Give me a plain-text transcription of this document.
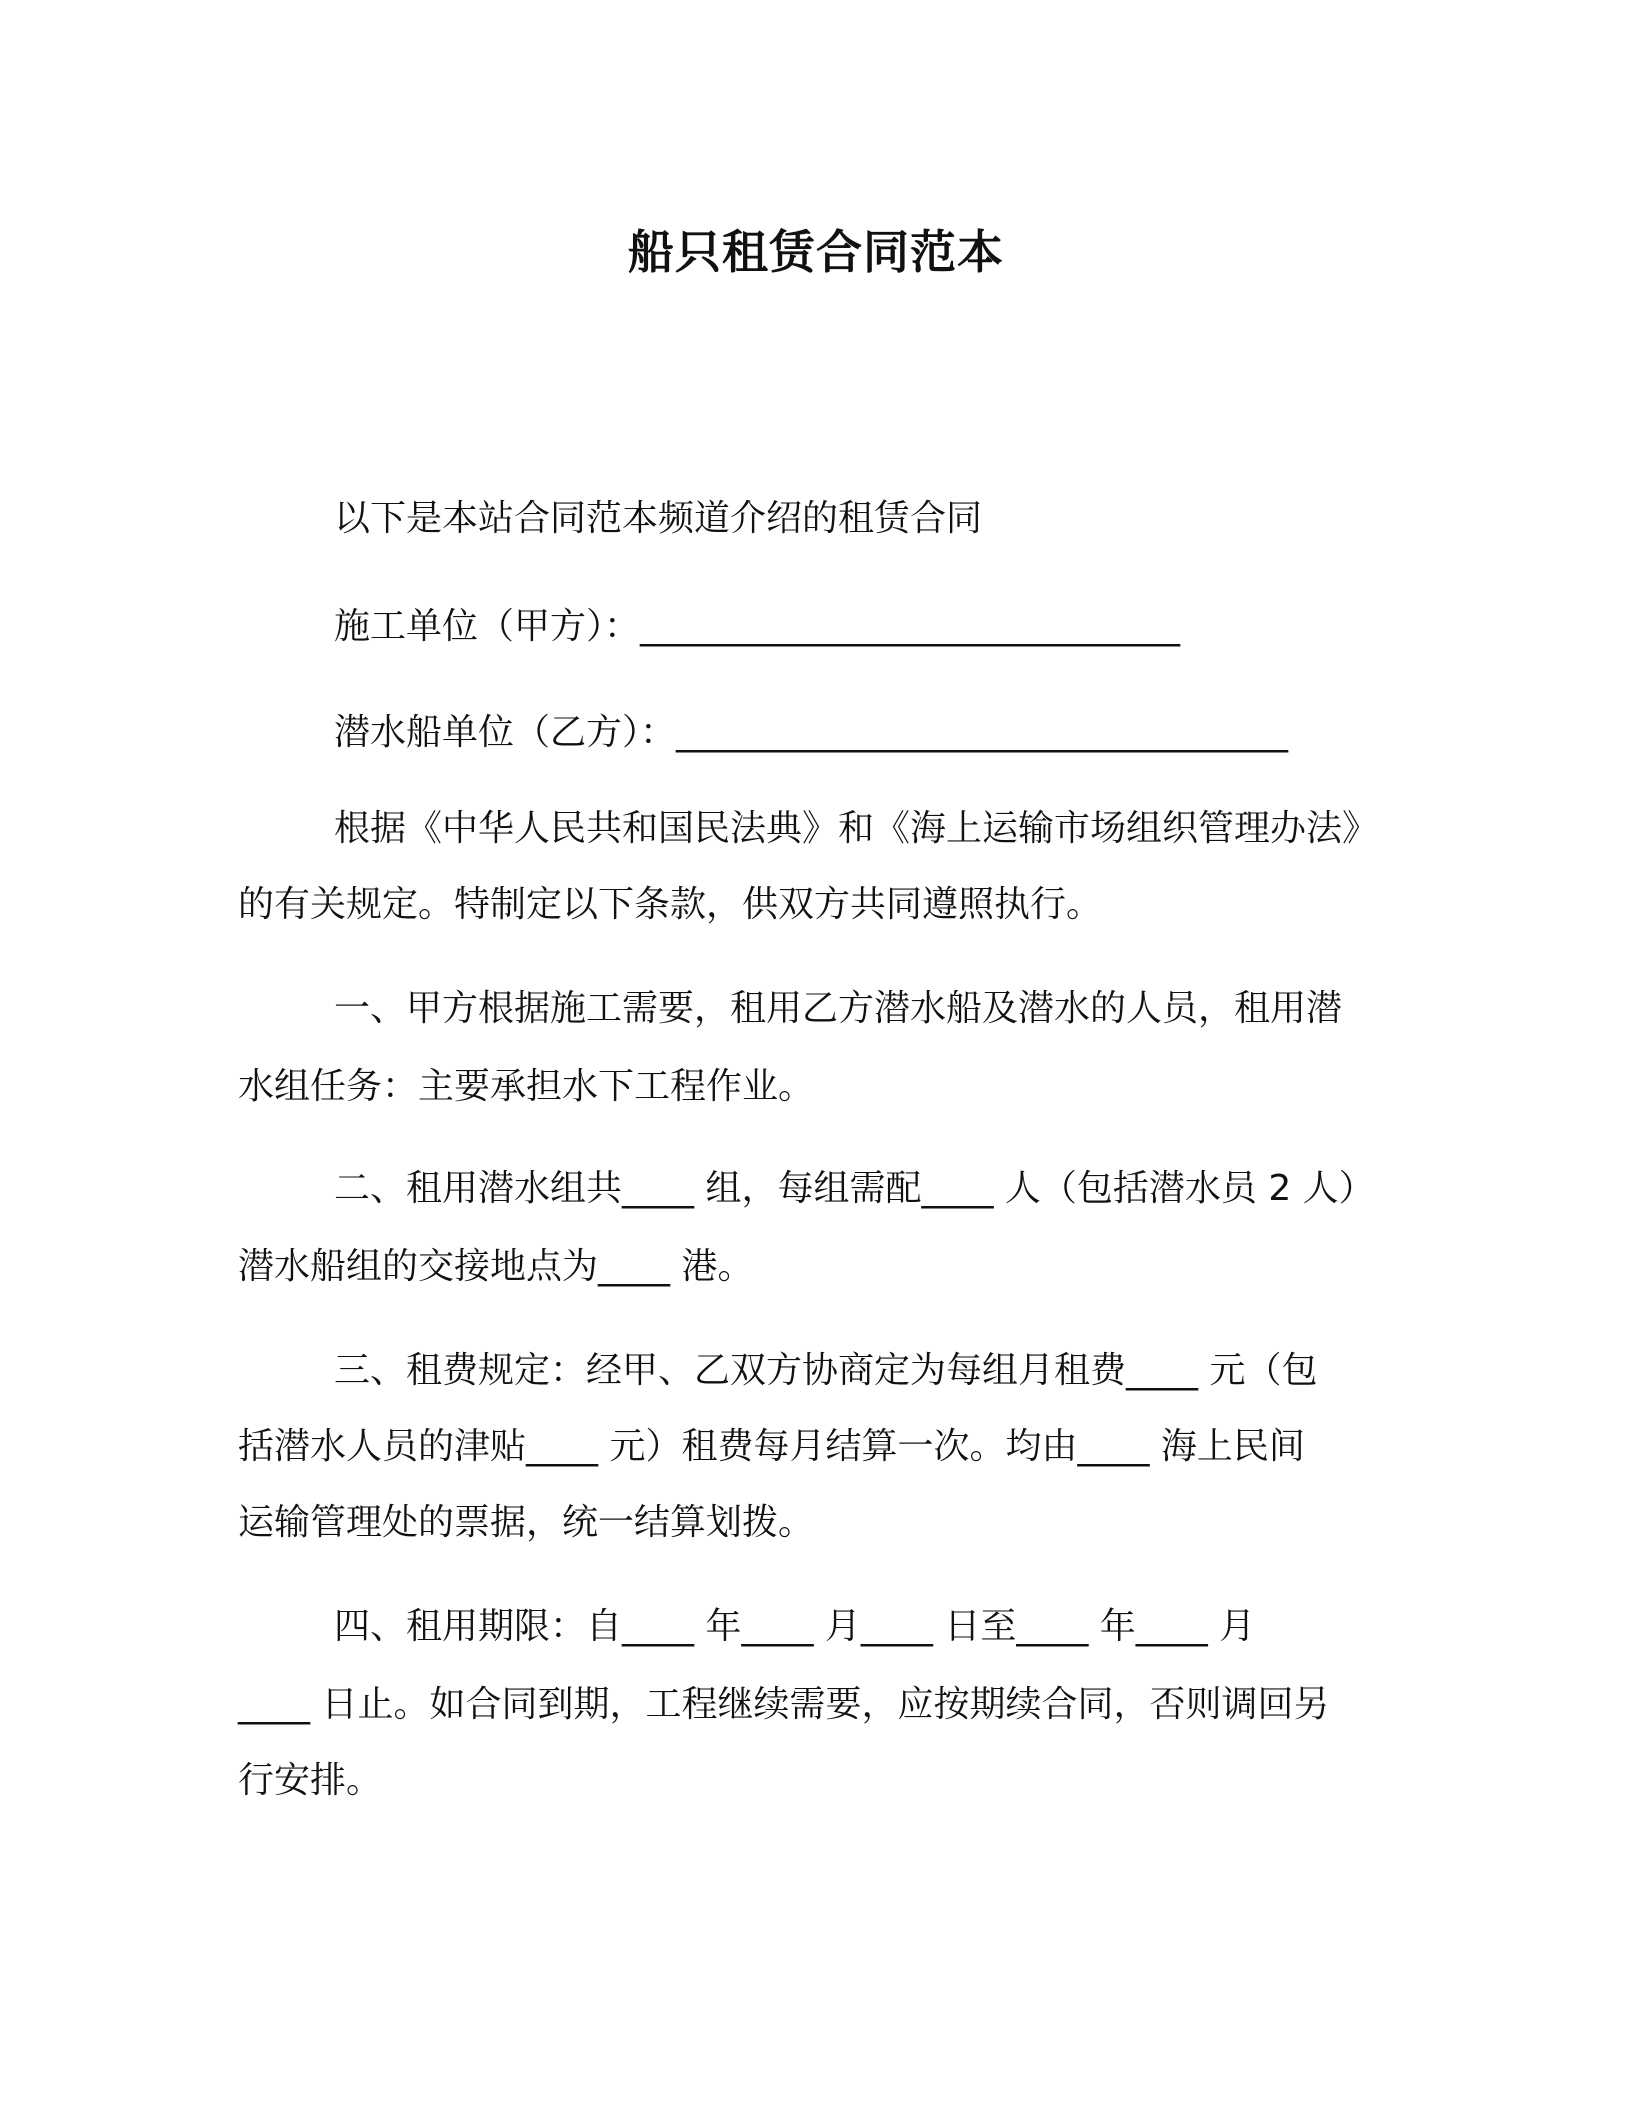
船只租赁合同范本
以下是本站合同范本频道介绍的租赁合同
施工单位（甲方）：______________________________
潜水船单位（乙方）：__________________________________
根据《中华人民共和国民法典》和《海上运输市场组织管理办法》
的有关规定。特制定以下条款，供双方共同遵照执行。
一、甲方根据施工需要，租用乙方潜水船及潜水的人员，租用潜
水组任务：主要承担水下工程作业。
二、租用潜水组共____ 组，每组需配____ 人（包括潜水员 2 人）
潜水船组的交接地点为____ 港。
三、租费规定：经甲、乙双方协商定为每组月租费____ 元（包
括潜水人员的津贴____ 元）租费每月结算一次。均由____ 海上民间
运输管理处的票据，统一结算划拨。
四、租用期限：自____ 年____ 月____ 日至____ 年____ 月
____ 日止。如合同到期，工程继续需要，应按期续合同，否则调回另
行安排。
